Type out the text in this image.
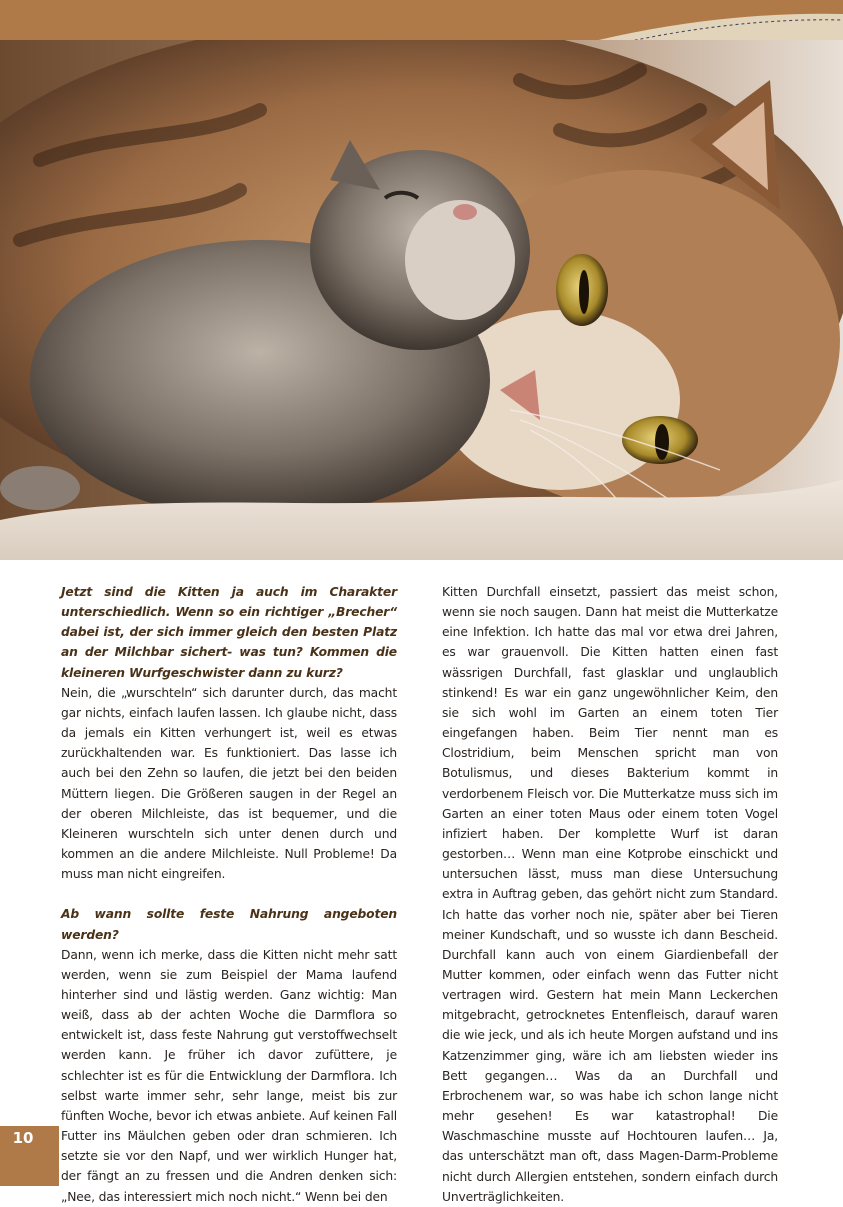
Jetzt sind die Kitten ja auch im Charakter unterschiedlich. Wenn so ein richtiger „Brecher“ dabei ist, der sich immer gleich den besten Platz an der Milchbar sichert- was tun? Kommen die kleineren Wurfgeschwister dann zu kurz?

Nein, die „wurschteln“ sich darunter durch, das macht gar nichts, einfach laufen lassen. Ich glaube nicht, dass da jemals ein Kitten verhungert ist, weil es etwas zurückhaltenden war. Es funktioniert. Das lasse ich auch bei den Zehn so laufen, die jetzt bei den beiden Müttern liegen. Die Größeren saugen in der Regel an der oberen Milchleiste, das ist bequemer, und die Kleineren wurschteln sich unter denen durch und kommen an die andere Milchleiste. Null Probleme! Da muss man nicht eingreifen.

Ab wann sollte feste Nahrung angeboten werden?

Dann, wenn ich merke, dass die Kitten nicht mehr satt werden, wenn sie zum Beispiel der Mama laufend hinterher sind und lästig werden. Ganz wichtig: Man weiß, dass ab der achten Woche die Darmflora so entwickelt ist, dass feste Nahrung gut verstoffwechselt werden kann. Je früher ich davor zufüttere, je schlechter ist es für die Entwicklung der Darmflora. Ich selbst warte immer sehr, sehr lange, meist bis zur fünften Woche, bevor ich etwas anbiete. Auf keinen Fall Futter ins Mäulchen geben oder dran schmieren. Ich setzte sie vor den Napf, und wer wirklich Hunger hat, der fängt an zu fressen und die Andren denken sich: „Nee, das interessiert mich noch nicht.“ Wenn bei den

Kitten Durchfall einsetzt, passiert das meist schon, wenn sie noch saugen. Dann hat meist die Mutterkatze eine Infektion. Ich hatte das mal vor etwa drei Jahren, es war grauenvoll. Die Kitten hatten einen fast wässrigen Durchfall, fast glasklar und unglaublich stinkend! Es war ein ganz ungewöhnlicher Keim, den sie sich wohl im Garten an einem toten Tier eingefangen haben. Beim Tier nennt man es Clostridium, beim Menschen spricht man von Botulismus, und dieses Bakterium kommt in verdorbenem Fleisch vor. Die Mutterkatze muss sich im Garten an einer toten Maus oder einem toten Vogel infiziert haben. Der komplette Wurf ist daran gestorben… Wenn man eine Kotprobe einschickt und untersuchen lässt, muss man diese Untersuchung extra in Auftrag geben, das gehört nicht zum Standard. Ich hatte das vorher noch nie, später aber bei Tieren meiner Kundschaft, und so wusste ich dann Bescheid. Durchfall kann auch von einem Giardienbefall der Mutter kommen, oder einfach wenn das Futter nicht vertragen wird. Gestern hat mein Mann Leckerchen mitgebracht, getrocknetes Entenfleisch, darauf waren die wie jeck, und als ich heute Morgen aufstand und ins Katzenzimmer ging, wäre ich am liebsten wieder ins Bett gegangen… Was da an Durchfall und Erbrochenem war, so was habe ich schon lange nicht mehr gesehen! Es war katastrophal! Die Waschmaschine musste auf Hochtouren laufen… Ja, das unterschätzt man oft, dass Magen-Darm-Probleme nicht durch Allergien entstehen, sondern einfach durch Unverträglichkeiten.

10
